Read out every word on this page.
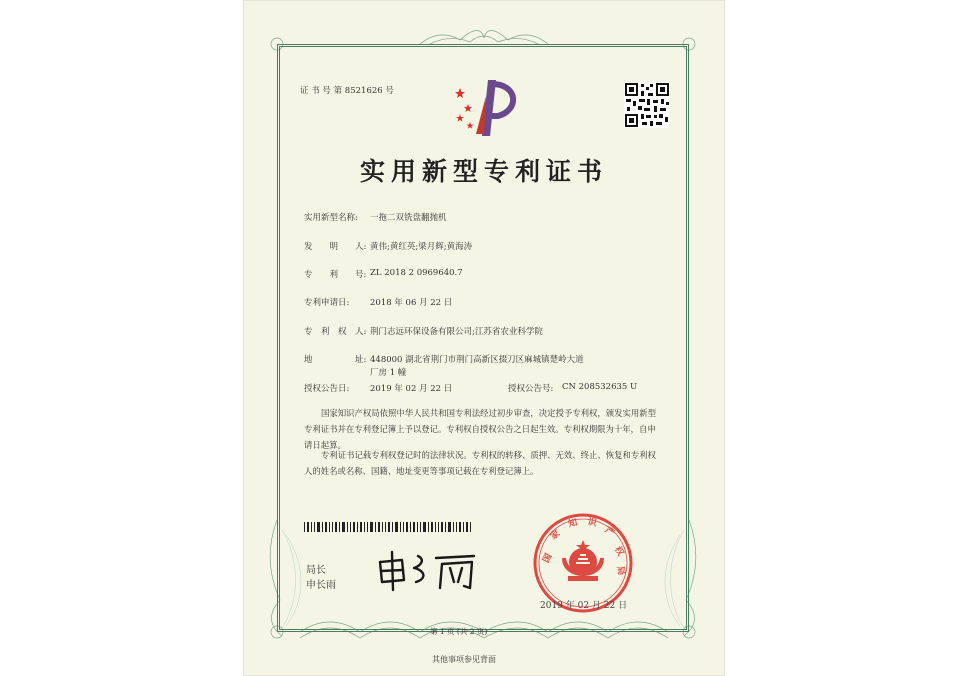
证 书 号 第 8521626 号
实用新型专利证书
实用新型名称: 一拖二双铣盘翻抛机
发　　明　　人: 黄伟;黄红英;梁月辉;黄海涛
专　　利　　号: ZL 2018 2 0969640.7
专利申请日: 2018 年 06 月 22 日
专　利　权　人: 荆门志远环保设备有限公司;江苏省农业科学院
地　　　　　址: 448000 湖北省荆门市荆门高新区掇刀区麻城镇楚岭大道
厂房 1 幢
授权公告日: 2019 年 02 月 22 日	授权公告号: CN 208532635 U
国家知识产权局依照中华人民共和国专利法经过初步审查，决定授予专利权，颁发实用新型专利证书并在专利登记簿上予以登记。专利权自授权公告之日起生效。专利权期限为十年，自申请日起算。
专利证书记载专利权登记时的法律状况。专利权的转移、质押、无效、终止、恢复和专利权人的姓名或名称、国籍、地址变更等事项记载在专利登记簿上。
局长
申长雨
国
家
知 识
产
权
局
2019 年 02 月 22 日
第 1 页 (共 2 页)
其他事项参见背面
